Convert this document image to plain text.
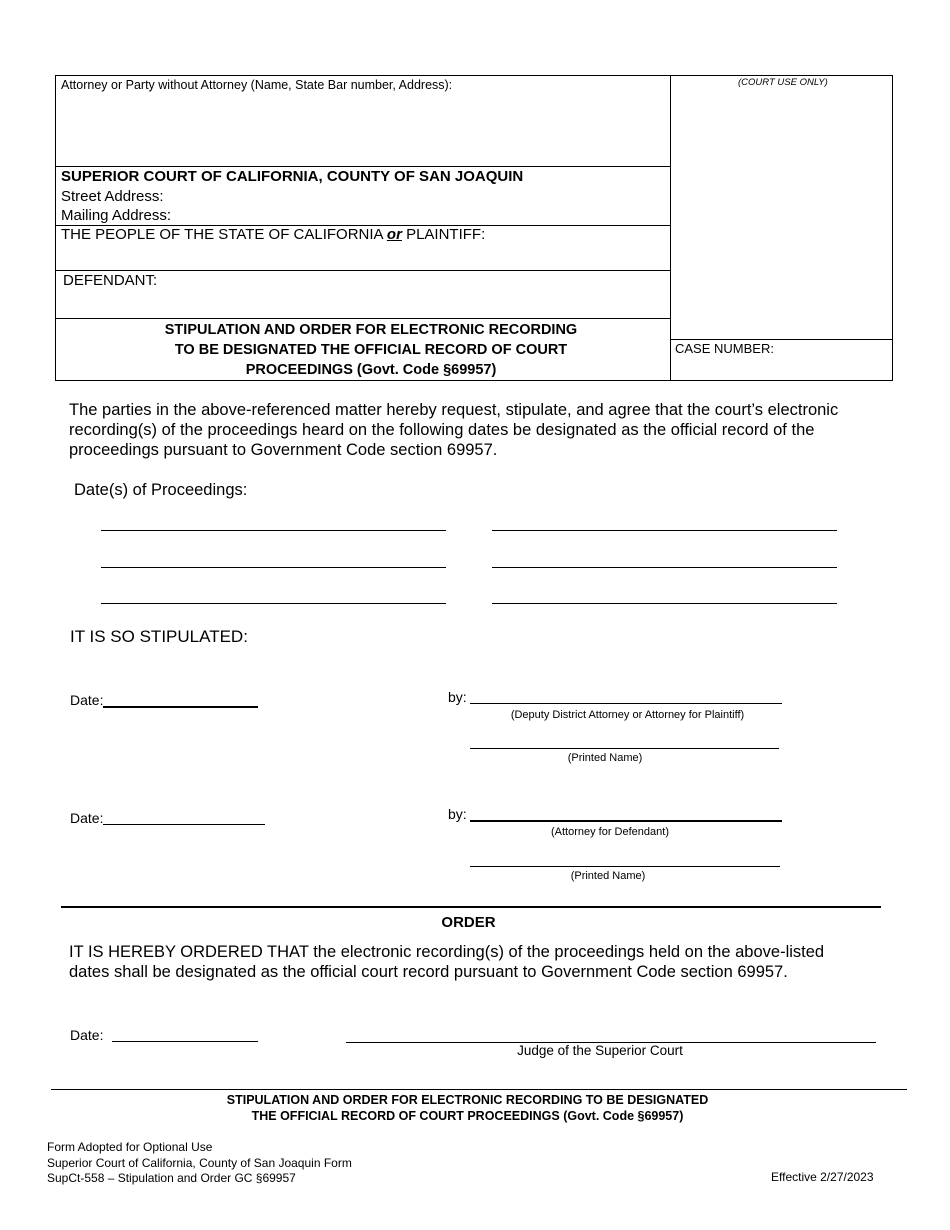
Attorney or Party without Attorney (Name, State Bar number, Address):	(COURT USE ONLY)
SUPERIOR COURT OF CALIFORNIA, COUNTY OF SAN JOAQUIN
Street Address:
Mailing Address:
THE PEOPLE OF THE STATE OF CALIFORNIA or PLAINTIFF:
DEFENDANT:
STIPULATION AND ORDER FOR ELECTRONIC RECORDING
TO BE DESIGNATED THE OFFICIAL RECORD OF COURT
PROCEEDINGS (Govt. Code §69957)
CASE NUMBER:
The parties in the above-referenced matter hereby request, stipulate, and agree that the court’s electronic
recording(s) of the proceedings heard on the following dates be designated as the official record of the
proceedings pursuant to Government Code section 69957.
Date(s) of Proceedings:
IT IS SO STIPULATED:
Date:	by:
(Deputy District Attorney or Attorney for Plaintiff)
(Printed Name)
Date:	by:
(Attorney for Defendant)
(Printed Name)
ORDER
IT IS HEREBY ORDERED THAT the electronic recording(s) of the proceedings held on the above-listed
dates shall be designated as the official court record pursuant to Government Code section 69957.
Date:
Judge of the Superior Court
STIPULATION AND ORDER FOR ELECTRONIC RECORDING TO BE DESIGNATED
THE OFFICIAL RECORD OF COURT PROCEEDINGS (Govt. Code §69957)
Form Adopted for Optional Use
Superior Court of California, County of San Joaquin Form
SupCt-558 – Stipulation and Order GC §69957	Effective 2/27/2023
